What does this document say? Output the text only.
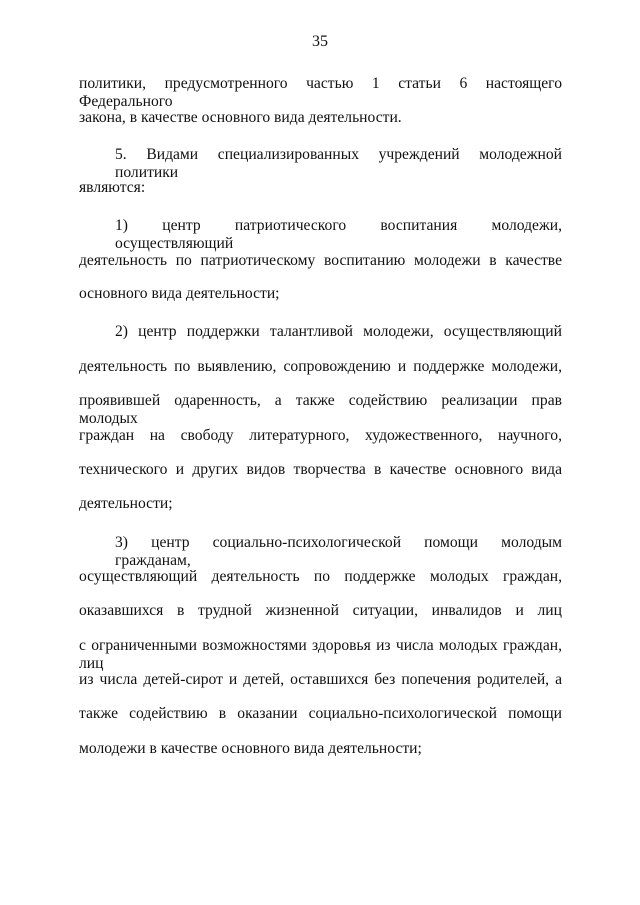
35
политики, предусмотренного частью 1 статьи 6 настоящего Федерального
закона, в качестве основного вида деятельности.
5. Видами специализированных учреждений молодежной политики
являются:
1) центр патриотического воспитания молодежи, осуществляющий
деятельность по патриотическому воспитанию молодежи в качестве
основного вида деятельности;
2) центр поддержки талантливой молодежи, осуществляющий
деятельность по выявлению, сопровождению и поддержке молодежи,
проявившей одаренность, а также содействию реализации прав молодых
граждан на свободу литературного, художественного, научного,
технического и других видов творчества в качестве основного вида
деятельности;
3) центр социально-психологической помощи молодым гражданам,
осуществляющий деятельность по поддержке молодых граждан,
оказавшихся в трудной жизненной ситуации, инвалидов и лиц
с ограниченными возможностями здоровья из числа молодых граждан, лиц
из числа детей-сирот и детей, оставшихся без попечения родителей, а
также содействию в оказании социально-психологической помощи
молодежи в качестве основного вида деятельности;
